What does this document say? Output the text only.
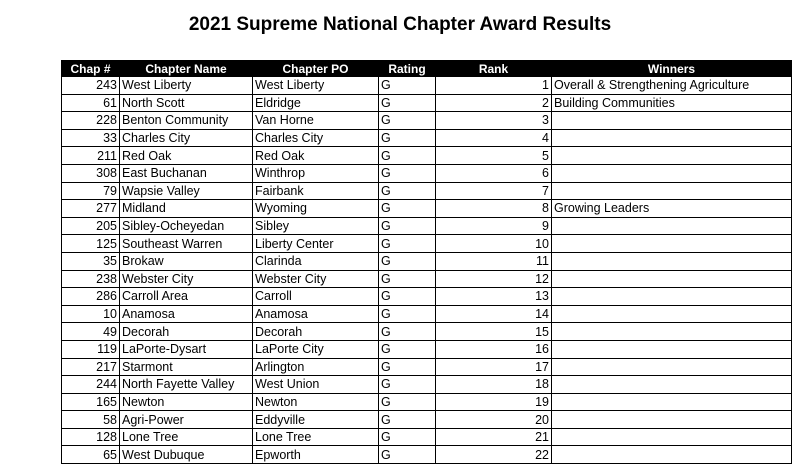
2021 Supreme National Chapter Award Results
Chap #	Chapter Name	Chapter PO	Rating	Rank	Winners
243	West Liberty	West Liberty	G	1	Overall & Strengthening Agriculture
61	North Scott	Eldridge	G	2	Building Communities
228	Benton Community	Van Horne	G	3	
33	Charles City	Charles City	G	4	
211	Red Oak	Red Oak	G	5	
308	East Buchanan	Winthrop	G	6	
79	Wapsie Valley	Fairbank	G	7	
277	Midland	Wyoming	G	8	Growing Leaders
205	Sibley-Ocheyedan	Sibley	G	9	
125	Southeast Warren	Liberty Center	G	10	
35	Brokaw	Clarinda	G	11	
238	Webster City	Webster City	G	12	
286	Carroll Area	Carroll	G	13	
10	Anamosa	Anamosa	G	14	
49	Decorah	Decorah	G	15	
119	LaPorte-Dysart	LaPorte City	G	16	
217	Starmont	Arlington	G	17	
244	North Fayette Valley	West Union	G	18	
165	Newton	Newton	G	19	
58	Agri-Power	Eddyville	G	20	
128	Lone Tree	Lone Tree	G	21	
65	West Dubuque	Epworth	G	22	
